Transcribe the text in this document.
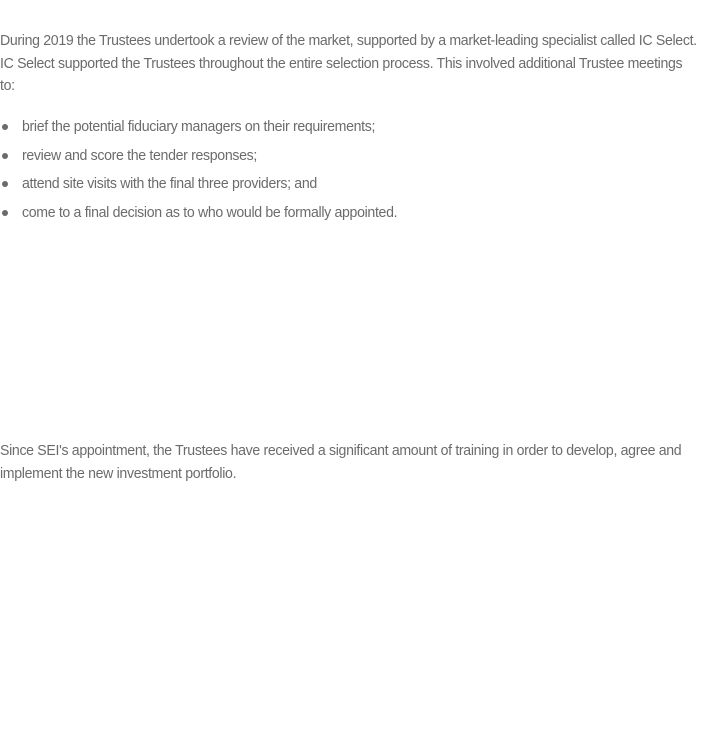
During 2019 the Trustees undertook a review of the market, supported by a market-leading specialist called IC Select. IC Select supported the Trustees throughout the entire selection process. This involved additional Trustee meetings to:

brief the potential fiduciary managers on their requirements;
review and score the tender responses;
attend site visits with the final three providers; and
come to a final decision as to who would be formally appointed.

Since SEI's appointment, the Trustees have received a significant amount of training in order to develop, agree and implement the new investment portfolio.
